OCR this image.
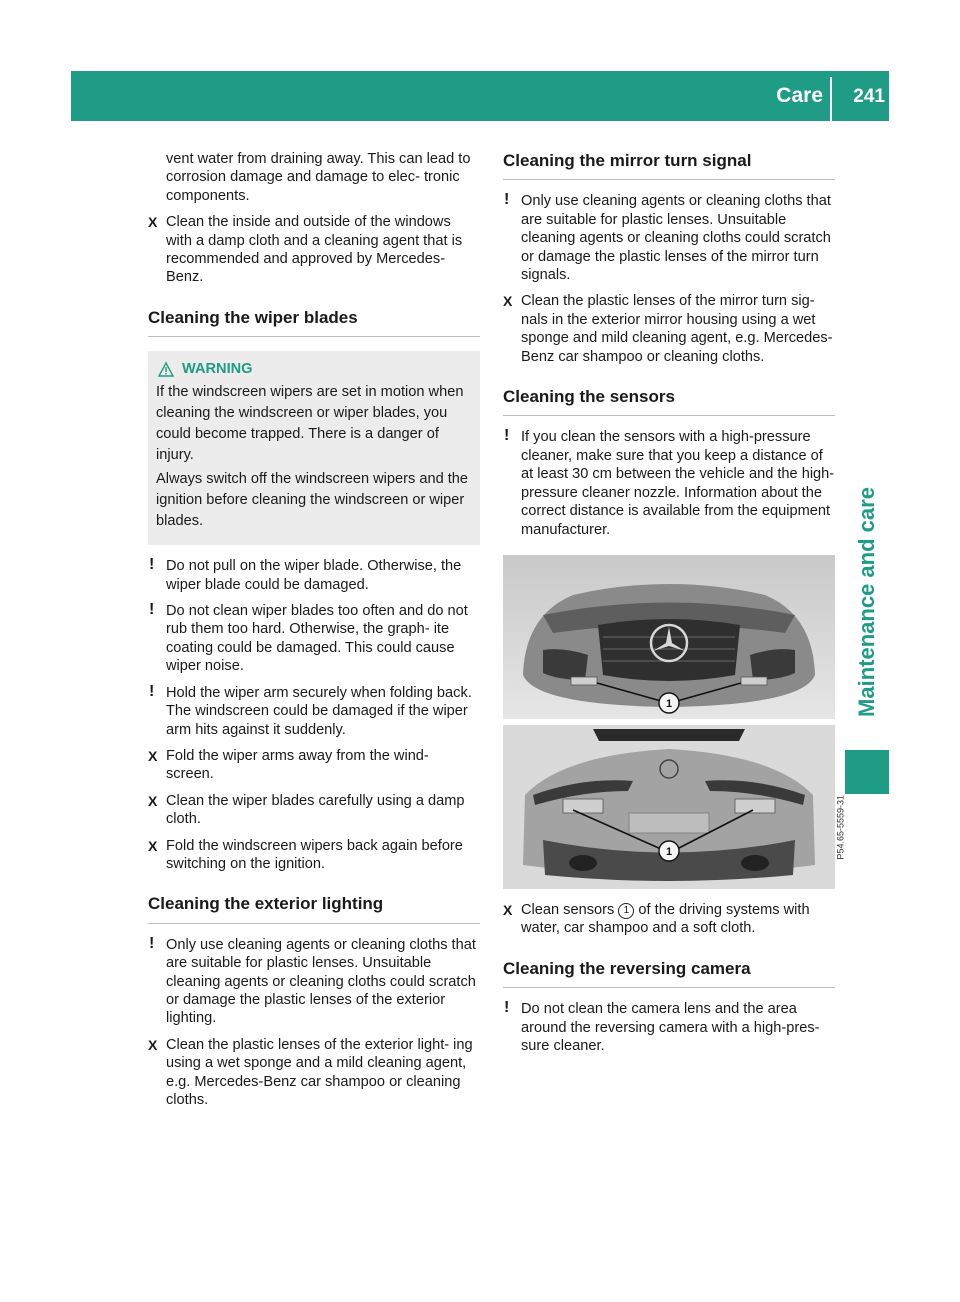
Care 241
Maintenance and care

vent water from draining away. This can lead to corrosion damage and damage to elec- tronic components.

X Clean the inside and outside of the windows with a damp cloth and a cleaning agent that is recommended and approved by Mercedes- Benz.
Cleaning the wiper blades
WARNING

If the windscreen wipers are set in motion when cleaning the windscreen or wiper blades, you could become trapped. There is a danger of injury.

Always switch off the windscreen wipers and the ignition before cleaning the windscreen or wiper blades.

! Do not pull on the wiper blade. Otherwise, the wiper blade could be damaged.
! Do not clean wiper blades too often and do not rub them too hard. Otherwise, the graph- ite coating could be damaged. This could cause wiper noise.
! Hold the wiper arm securely when folding back. The windscreen could be damaged if the wiper arm hits against it suddenly.
X Fold the wiper arms away from the wind- screen.
X Clean the wiper blades carefully using a damp cloth.
X Fold the windscreen wipers back again before switching on the ignition.
Cleaning the exterior lighting
! Only use cleaning agents or cleaning cloths that are suitable for plastic lenses. Unsuitable cleaning agents or cleaning cloths could scratch or damage the plastic lenses of the exterior lighting.
X Clean the plastic lenses of the exterior light- ing using a wet sponge and a mild cleaning agent, e.g. Mercedes-Benz car shampoo or cleaning cloths.
Cleaning the mirror turn signal
! Only use cleaning agents or cleaning cloths that are suitable for plastic lenses. Unsuitable cleaning agents or cleaning cloths could scratch or damage the plastic lenses of the mirror turn signals.
X Clean the plastic lenses of the mirror turn sig- nals in the exterior mirror housing using a wet sponge and mild cleaning agent, e.g. Mercedes-Benz car shampoo or cleaning cloths.
Cleaning the sensors
! If you clean the sensors with a high-pressure cleaner, make sure that you keep a distance of at least 30 cm between the vehicle and the high-pressure cleaner nozzle. Information about the correct distance is available from the equipment manufacturer.
1
1	P54.65-5559-31
X Clean sensors 1 of the driving systems with water, car shampoo and a soft cloth.
Cleaning the reversing camera
! Do not clean the camera lens and the area around the reversing camera with a high-pres- sure cleaner.
